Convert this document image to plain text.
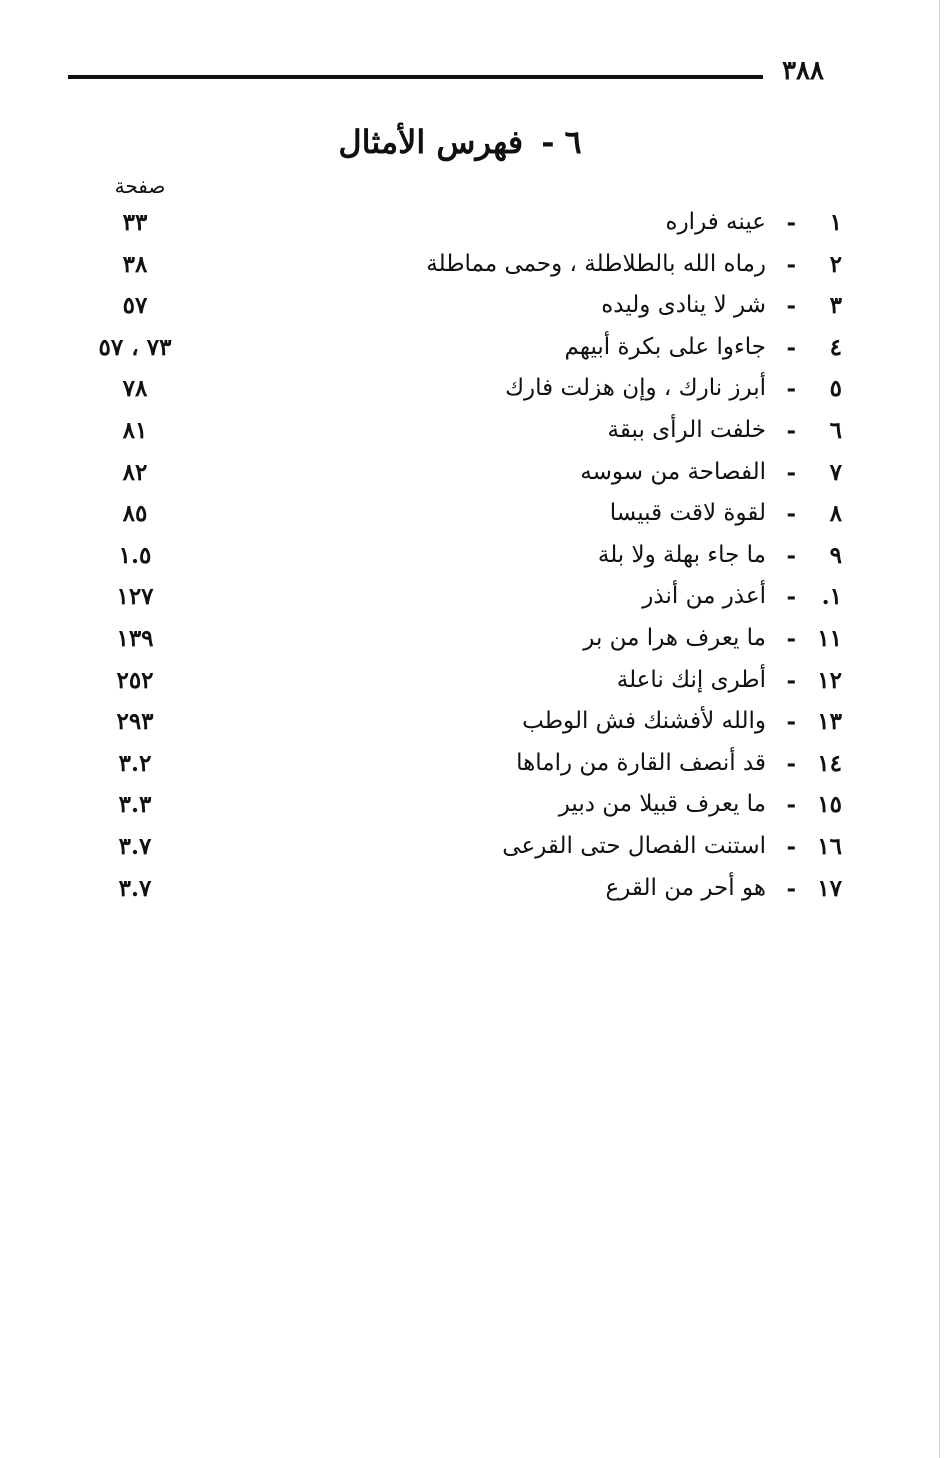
٣٨٨
٦-فهرس الأمثال
صفحة
١
-
عينه فراره
٣٣
٢
-
رماه الله بالطلاطلة ، وحمى مماطلة
٣٨
٣
-
شر لا ينادى وليده
٥٧
٤
-
جاءوا على بكرة أبيهم
٧٣ ، ٥٧
٥
-
أبرز نارك ، وإن هزلت فارك
٧٨
٦
-
خلفت الرأى ببقة
٨١
٧
-
الفصاحة من سوسه
٨٢
٨
-
لقوة لاقت قبيسا
٨٥
٩
-
ما جاء بهلة ولا بلة
١.٥
١.
-
أعذر من أنذر
١٢٧
١١
-
ما يعرف هرا من بر
١٣٩
١٢
-
أطرى إنك ناعلة
٢٥٢
١٣
-
والله لأفشنك فش الوطب
٢٩٣
١٤
-
قد أنصف القارة من راماها
٣.٢
١٥
-
ما يعرف قبيلا من دبير
٣.٣
١٦
-
استنت الفصال حتى القرعى
٣.٧
١٧
-
هو أحر من القرع
٣.٧
